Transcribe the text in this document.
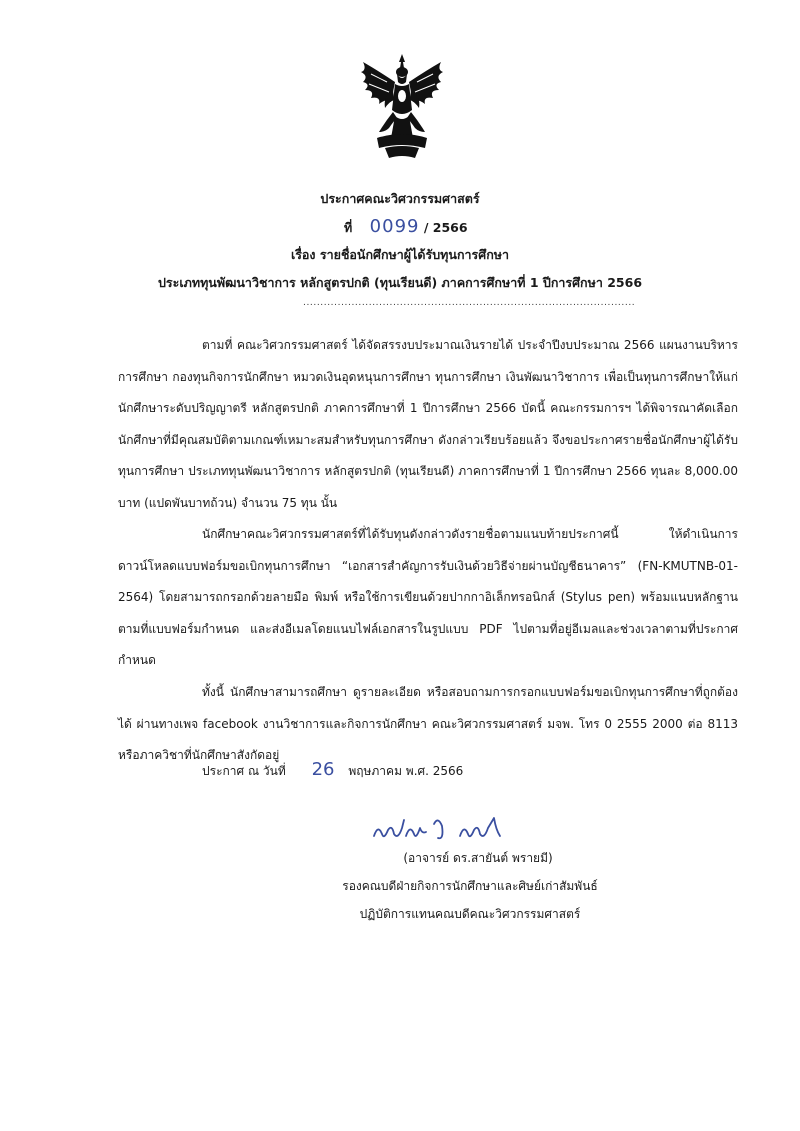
ประกาศคณะวิศวกรรมศาสตร์
ที่ 0099 / 2566
เรื่อง รายชื่อนักศึกษาผู้ได้รับทุนการศึกษา
ประเภททุนพัฒนาวิชาการ หลักสูตรปกติ (ทุนเรียนดี) ภาคการศึกษาที่ 1 ปีการศึกษา 2566
................................................................................................

ตามที่ คณะวิศวกรรมศาสตร์ ได้จัดสรรงบประมาณเงินรายได้ ประจำปีงบประมาณ 2566 แผนงานบริหารการศึกษา กองทุนกิจการนักศึกษา หมวดเงินอุดหนุนการศึกษา ทุนการศึกษา เงินพัฒนาวิชาการ เพื่อเป็นทุนการศึกษาให้แก่นักศึกษาระดับปริญญาตรี หลักสูตรปกติ ภาคการศึกษาที่ 1 ปีการศึกษา 2566 บัดนี้ คณะกรรมการฯ ได้พิจารณาคัดเลือกนักศึกษาที่มีคุณสมบัติตามเกณฑ์เหมาะสมสำหรับทุนการศึกษา ดังกล่าวเรียบร้อยแล้ว จึงขอประกาศรายชื่อนักศึกษาผู้ได้รับทุนการศึกษา ประเภททุนพัฒนาวิชาการ หลักสูตรปกติ (ทุนเรียนดี) ภาคการศึกษาที่ 1 ปีการศึกษา 2566 ทุนละ 8,000.00 บาท (แปดพันบาทถ้วน) จำนวน 75 ทุน นั้น

นักศึกษาคณะวิศวกรรมศาสตร์ที่ได้รับทุนดังกล่าวดังรายชื่อตามแนบท้ายประกาศนี้ ให้ดำเนินการดาวน์โหลดแบบฟอร์มขอเบิกทุนการศึกษา “เอกสารสำคัญการรับเงินด้วยวิธีจ่ายผ่านบัญชีธนาคาร” (FN-KMUTNB-01-2564) โดยสามารถกรอกด้วยลายมือ พิมพ์ หรือใช้การเขียนด้วยปากกาอิเล็กทรอนิกส์ (Stylus pen) พร้อมแนบหลักฐานตามที่แบบฟอร์มกำหนด และส่งอีเมลโดยแนบไฟล์เอกสารในรูปแบบ PDF ไปตามที่อยู่อีเมลและช่วงเวลาตามที่ประกาศกำหนด

ทั้งนี้ นักศึกษาสามารถศึกษา ดูรายละเอียด หรือสอบถามการกรอกแบบฟอร์มขอเบิกทุนการศึกษาที่ถูกต้องได้ ผ่านทางเพจ facebook งานวิชาการและกิจการนักศึกษา คณะวิศวกรรมศาสตร์ มจพ. โทร 0 2555 2000 ต่อ 8113 หรือภาควิชาที่นักศึกษาสังกัดอยู่

ประกาศ ณ วันที่ 26 พฤษภาคม พ.ศ. 2566
(อาจารย์ ดร.สายันต์ พรายมี)
รองคณบดีฝ่ายกิจการนักศึกษาและศิษย์เก่าสัมพันธ์
ปฏิบัติการแทนคณบดีคณะวิศวกรรมศาสตร์
